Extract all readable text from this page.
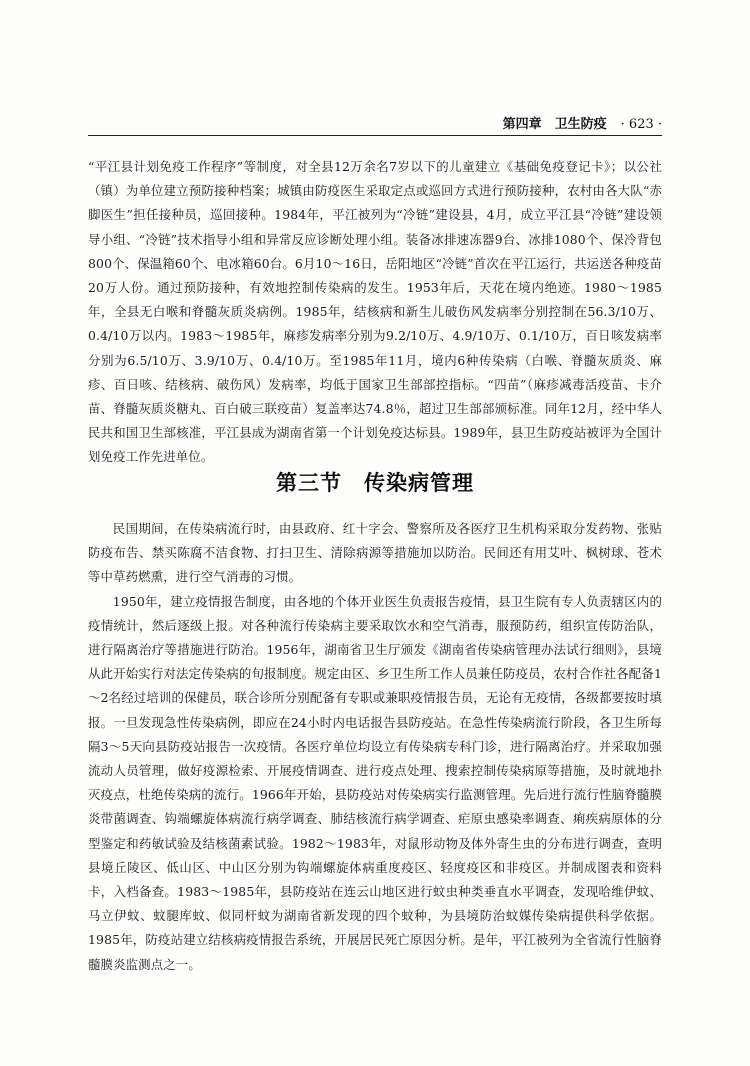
第四章　卫生防疫 · 623 ·

“平江县计划免疫工作程序”等制度，对全县12万余名7岁以下的儿童建立《基础免疫登记卡》；以公社（镇）为单位建立预防接种档案；城镇由防疫医生采取定点或巡回方式进行预防接种，农村由各大队“赤脚医生”担任接种员，巡回接种。1984年，平江被列为“冷链”建设县，4月，成立平江县“冷链”建设领导小组、“冷链”技术指导小组和异常反应诊断处理小组。装备冰排速冻器9台、冰排1080个、保冷背包800个、保温箱60个、电冰箱60台。6月10～16日，岳阳地区“冷链”首次在平江运行，共运送各种疫苗20万人份。通过预防接种，有效地控制传染病的发生。1953年后，天花在境内绝迹。1980～1985年，全县无白喉和脊髓灰质炎病例。1985年，结核病和新生儿破伤风发病率分别控制在56.3/10万、0.4/10万以内。1983～1985年，麻疹发病率分别为9.2/10万、4.9/10万、0.1/10万，百日咳发病率分别为6.5/10万、3.9/10万、0.4/10万。至1985年11月，境内6种传染病（白喉、脊髓灰质炎、麻疹、百日咳、结核病、破伤风）发病率，均低于国家卫生部部控指标。“四苗”（麻疹减毒活疫苗、卡介苗、脊髓灰质炎糖丸、百白破三联疫苗）复盖率达74.8％，超过卫生部部颁标准。同年12月，经中华人民共和国卫生部核准，平江县成为湖南省第一个计划免疫达标县。1989年，县卫生防疫站被评为全国计划免疫工作先进单位。

第三节　传染病管理

民国期间，在传染病流行时，由县政府、红十字会、警察所及各医疗卫生机构采取分发药物、张贴防疫布告、禁买陈腐不洁食物、打扫卫生、清除病源等措施加以防治。民间还有用艾叶、枫树球、苍术等中草药燃熏，进行空气消毒的习惯。

1950年，建立疫情报告制度，由各地的个体开业医生负责报告疫情，县卫生院有专人负责辖区内的疫情统计，然后逐级上报。对各种流行传染病主要采取饮水和空气消毒，服预防药，组织宣传防治队，进行隔离治疗等措施进行防治。1956年，湖南省卫生厅颁发《湖南省传染病管理办法试行细则》，县境从此开始实行对法定传染病的旬报制度。规定由区、乡卫生所工作人员兼任防疫员，农村合作社各配备1～2名经过培训的保健员，联合诊所分别配备有专职或兼职疫情报告员，无论有无疫情，各级都要按时填报。一旦发现急性传染病例，即应在24小时内电话报告县防疫站。在急性传染病流行阶段，各卫生所每隔3～5天向县防疫站报告一次疫情。各医疗单位均设立有传染病专科门诊，进行隔离治疗。并采取加强流动人员管理，做好疫源检索、开展疫情调查、进行疫点处理、搜索控制传染病原等措施，及时就地扑灭疫点，杜绝传染病的流行。1966年开始，县防疫站对传染病实行监测管理。先后进行流行性脑脊髓膜炎带菌调查、钩端螺旋体病流行病学调查、肺结核流行病学调查、疟原虫感染率调查、痢疾病原体的分型鉴定和药敏试验及结核菌素试验。1982～1983年，对鼠形动物及体外寄生虫的分布进行调查，查明县境丘陵区、低山区、中山区分别为钩端螺旋体病重度疫区、轻度疫区和非疫区。并制成图表和资料卡，入档备查。1983～1985年，县防疫站在连云山地区进行蚊虫种类垂直水平调查，发现哈维伊蚊、马立伊蚊、蚊腿库蚊、似同杆蚊为湖南省新发现的四个蚊种，为县境防治蚊媒传染病提供科学依据。1985年，防疫站建立结核病疫情报告系统，开展居民死亡原因分析。是年，平江被列为全省流行性脑脊髓膜炎监测点之一。
